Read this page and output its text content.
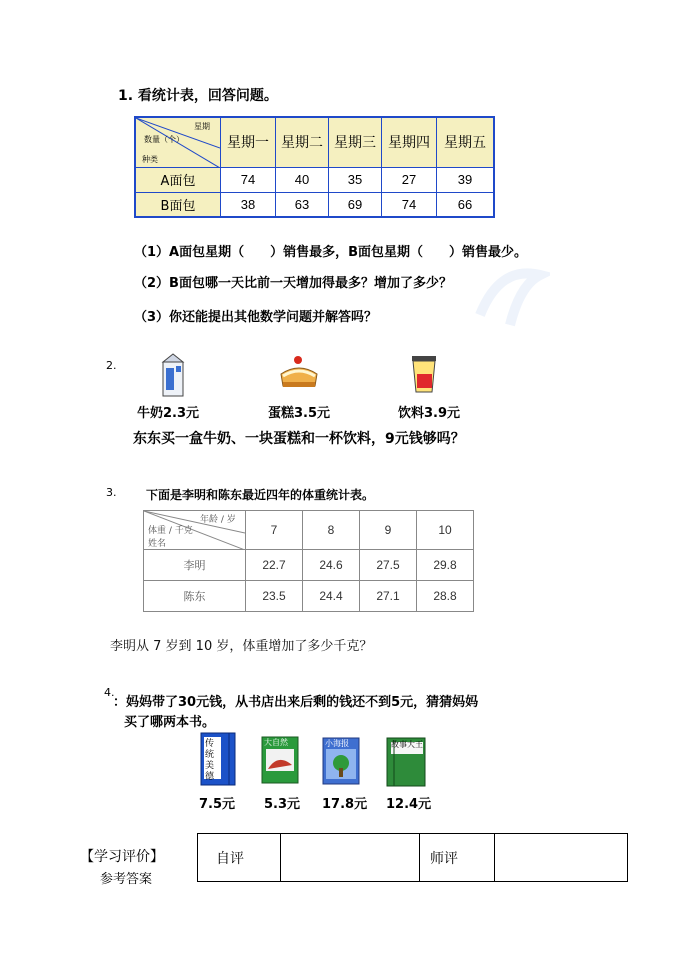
1. 看统计表，回答问题。
星期
数量（个）
种类	星期一	星期二	星期三	星期四	星期五
A面包	74	40	35	27	39
B面包	38	63	69	74	66
（1）A面包星期（　　）销售最多，B面包星期（　　）销售最少。
（2）B面包哪一天比前一天增加得最多？增加了多少？
（3）你还能提出其他数学问题并解答吗？
2.
牛奶2.3元	蛋糕3.5元	饮料3.9元
东东买一盒牛奶、一块蛋糕和一杯饮料，9元钱够吗？
3. 下面是李明和陈东最近四年的体重统计表。
年龄 / 岁
体重 / 千克
姓名	7	8	9	10
李明	22.7	24.6	27.5	29.8
陈东	23.5	24.4	27.1	28.8
李明从 7 岁到 10 岁，体重增加了多少千克？
4.
：妈妈带了30元钱，从书店出来后剩的钱还不到5元，猜猜妈妈
买了哪两本书。
传统美德
大自然	小海报	故事大王
7.5元 5.3元 17.8元 12.4元
【学习评价】
参考答案
自评		师评	
